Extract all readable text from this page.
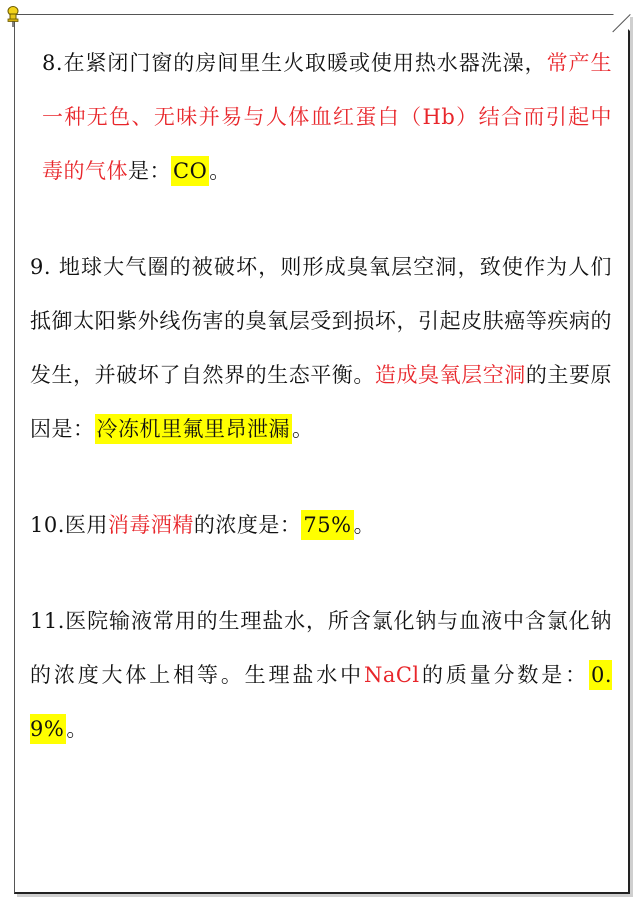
8.在紧闭门窗的房间里生火取暖或使用热水器洗澡，常产生一种无色、无味并易与人体血红蛋白（Hb）结合而引起中毒的气体是：CO。

9. 地球大气圈的被破坏，则形成臭氧层空洞，致使作为人们抵御太阳紫外线伤害的臭氧层受到损坏，引起皮肤癌等疾病的发生，并破坏了自然界的生态平衡。造成臭氧层空洞的主要原因是：冷冻机里氟里昂泄漏。

10.医用消毒酒精的浓度是：75%。

11.医院输液常用的生理盐水，所含氯化钠与血液中含氯化钠的浓度大体上相等。生理盐水中NaCl的质量分数是：0.9%。
